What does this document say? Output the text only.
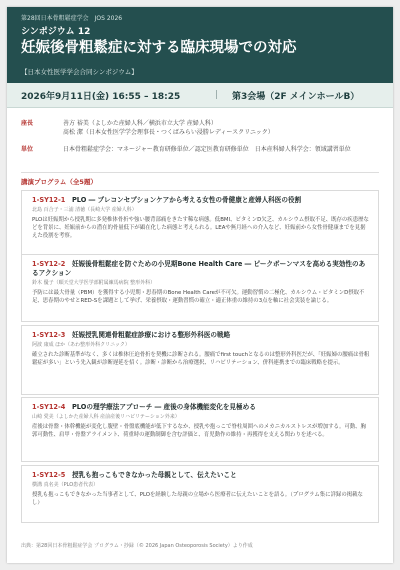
第28回日本骨粗鬆症学会　JOS 2026
シンポジウム 12
妊娠後骨粗鬆症に対する臨床現場での対応
【日本女性医学学会合同シンポジウム】
2026年9月11日(金) 16:55 – 18:25	｜ 第3会場（2F メインホールB）
座長	善方 裕美（よしかた産婦人科／横浜市立大学 産婦人科）
髙松 潔（日本女性医学学会理事長・つくばみらい浸勝レディースクリニック）
単位	日本骨粗鬆症学会：マネージャー教育研修単位／認定医教育研修単位　日本産科婦人科学会：領域講習単位
講演プログラム（全5題）
1-SY12-1　 PLO ― プレコンセプションケアから考える女性の骨健康と産婦人科医の役割
北島 百合子・三浦 清徳（長崎大学 産婦人科）
PLOは妊娠期から授乳期に多発椎体骨折や強い腰背部痛をきたす稀な病態。低BMI、ビタミンD欠乏、カルシウム摂取不足、既存の疾患歴などを背景に、妊娠前からの潜在的骨量低下が顕在化した病態と考えられる。LEAや無月経への介入など、妊娠前から女性骨健康までを見据えた役割を考察。
1-SY12-2　 妊娠後骨粗鬆症を防ぐための小児期Bone Health Care ― ピークボーンマスを高める実効性のあるアクション
鈴木 優子（順天堂大学医学部附属練馬病院 整形外科）
予防には最大骨量（PBM）を獲得する小児期・思春期のBone Health Careが不可欠。運動習慣の二極化、カルシウム・ビタミンD摂取不足、思春期のやせとRED-Sを課題として挙げ、栄養摂取・運動習慣の確立・適正体重の維持の3点を軸に社会実装を論じる。
1-SY12-3　 妊娠授乳関連骨粗鬆症診療における整形外科医の戦略
阿波 康成 ほか（あわ整形外科クリニック）
確立された診断基準がなく、多くは椎体圧迫骨折を契機に診断される。腰痛でfirst touchとなるのは整形外科医だが、「妊娠婦の腰痛は骨粗鬆症が多い」という先入観が診断遅延を招く。診断・診断から治療選択、リハビリテーション、併科連携までの臨床戦略を提示。
1-SY12-4　 PLOの理学療法アプローチ ― 産後の身体機能変化を見極める
山崎 愛美（よしかた産婦人科 産前産後リハビリテーション外来）
産後は骨盤・体幹機能が変化し腹壁・骨盤底機能が低下するなか、授乳や抱っこで脊柱周囲へのメカニカルストレスが増加する。可動、胸郭可動性、肩甲・骨盤アライメント、荷重時の運動制御を含む評価と、育児動作の維持・再獲得を支える関わりを述べる。
1-SY12-5　 授乳も抱っこもできなかった母親として、伝えたいこと
横溝 真名美（PLO患者代表）
授乳も抱っこもできなかった当事者として、PLOを経験した母親の立場から医療者に伝えたいことを語る。（プログラム集に詳録の掲載なし）
出典：第28回日本骨粗鬆症学会 プログラム・抄録（© 2026 Japan Osteoporosis Society）より作成
